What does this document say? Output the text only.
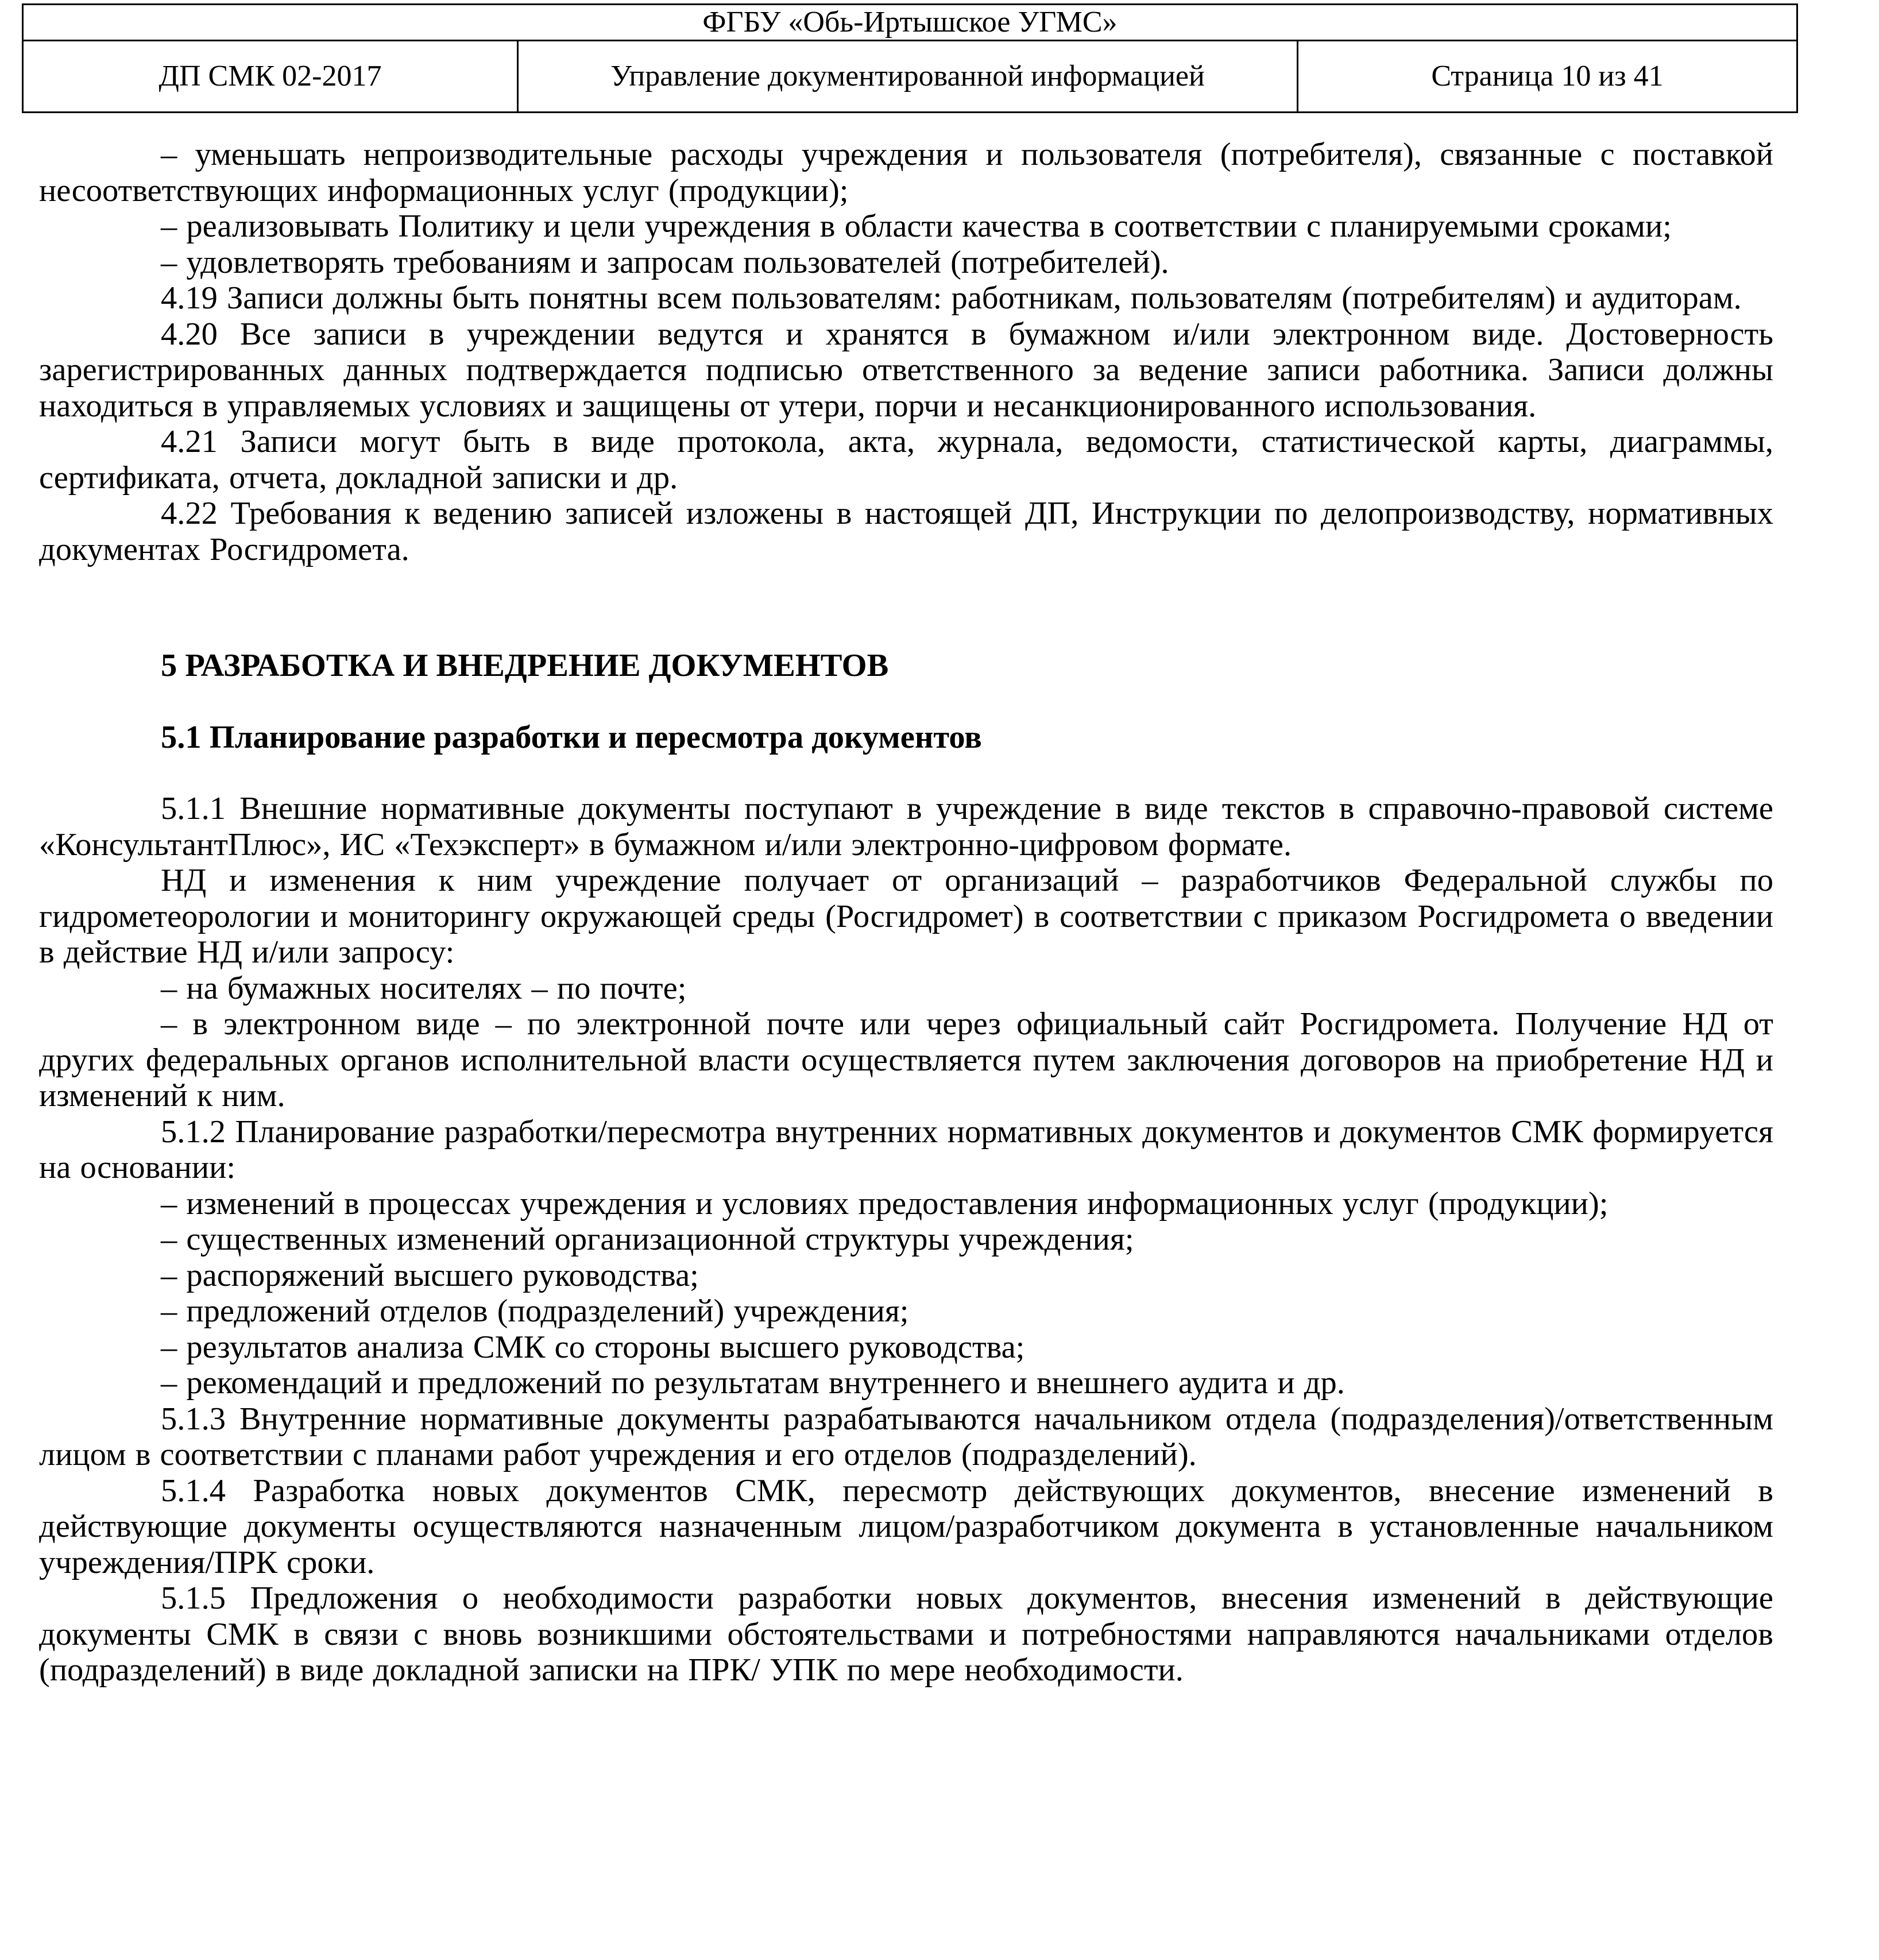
ФГБУ «Обь-Иртышское УГМС»
ДП СМК 02-2017	Управление документированной информацией	Страница 10 из 41

– уменьшать непроизводительные расходы учреждения и пользователя (потребителя), связанные с поставкой несоответствующих информационных услуг (продукции);

– реализовывать Политику и цели учреждения в области качества в соответствии с планируемыми сроками;

– удовлетворять требованиям и запросам пользователей (потребителей).

4.19 Записи должны быть понятны всем пользователям: работникам, пользователям (потребителям) и аудиторам.

4.20 Все записи в учреждении ведутся и хранятся в бумажном и/или электронном виде. Достоверность зарегистрированных данных подтверждается подписью ответственного за ведение записи работника. Записи должны находиться в управляемых условиях и защищены от утери, порчи и несанкционированного использования.

4.21 Записи могут быть в виде протокола, акта, журнала, ведомости, статистической карты, диаграммы, сертификата, отчета, докладной записки и др.

4.22 Требования к ведению записей изложены в настоящей ДП, Инструкции по делопроизводству, нормативных документах Росгидромета.

5 РАЗРАБОТКА И ВНЕДРЕНИЕ ДОКУМЕНТОВ

5.1 Планирование разработки и пересмотра документов

5.1.1 Внешние нормативные документы поступают в учреждение в виде текстов в справочно-правовой системе «КонсультантПлюс», ИС «Техэксперт» в бумажном и/или электронно-цифровом формате.

НД и изменения к ним учреждение получает от организаций – разработчиков Федеральной службы по гидрометеорологии и мониторингу окружающей среды (Росгидромет) в соответствии с приказом Росгидромета о введении в действие НД и/или запросу:

– на бумажных носителях – по почте;

– в электронном виде – по электронной почте или через официальный сайт Росгидромета. Получение НД от других федеральных органов исполнительной власти осуществляется путем заключения договоров на приобретение НД и изменений к ним.

5.1.2 Планирование разработки/пересмотра внутренних нормативных документов и документов СМК формируется на основании:

– изменений в процессах учреждения и условиях предоставления информационных услуг (продукции);

– существенных изменений организационной структуры учреждения;

– распоряжений высшего руководства;

– предложений отделов (подразделений) учреждения;

– результатов анализа СМК со стороны высшего руководства;

– рекомендаций и предложений по результатам внутреннего и внешнего аудита и др.

5.1.3 Внутренние нормативные документы разрабатываются начальником отдела (подразделения)/ответственным лицом в соответствии с планами работ учреждения и его отделов (подразделений).

5.1.4 Разработка новых документов СМК, пересмотр действующих документов, внесение изменений в действующие документы осуществляются назначенным лицом/разработчиком документа в установленные начальником учреждения/ПРК сроки.

5.1.5 Предложения о необходимости разработки новых документов, внесения изменений в действующие документы СМК в связи с вновь возникшими обстоятельствами и потребностями направляются начальниками отделов (подразделений) в виде докладной записки на ПРК/ УПК по мере необходимости.
